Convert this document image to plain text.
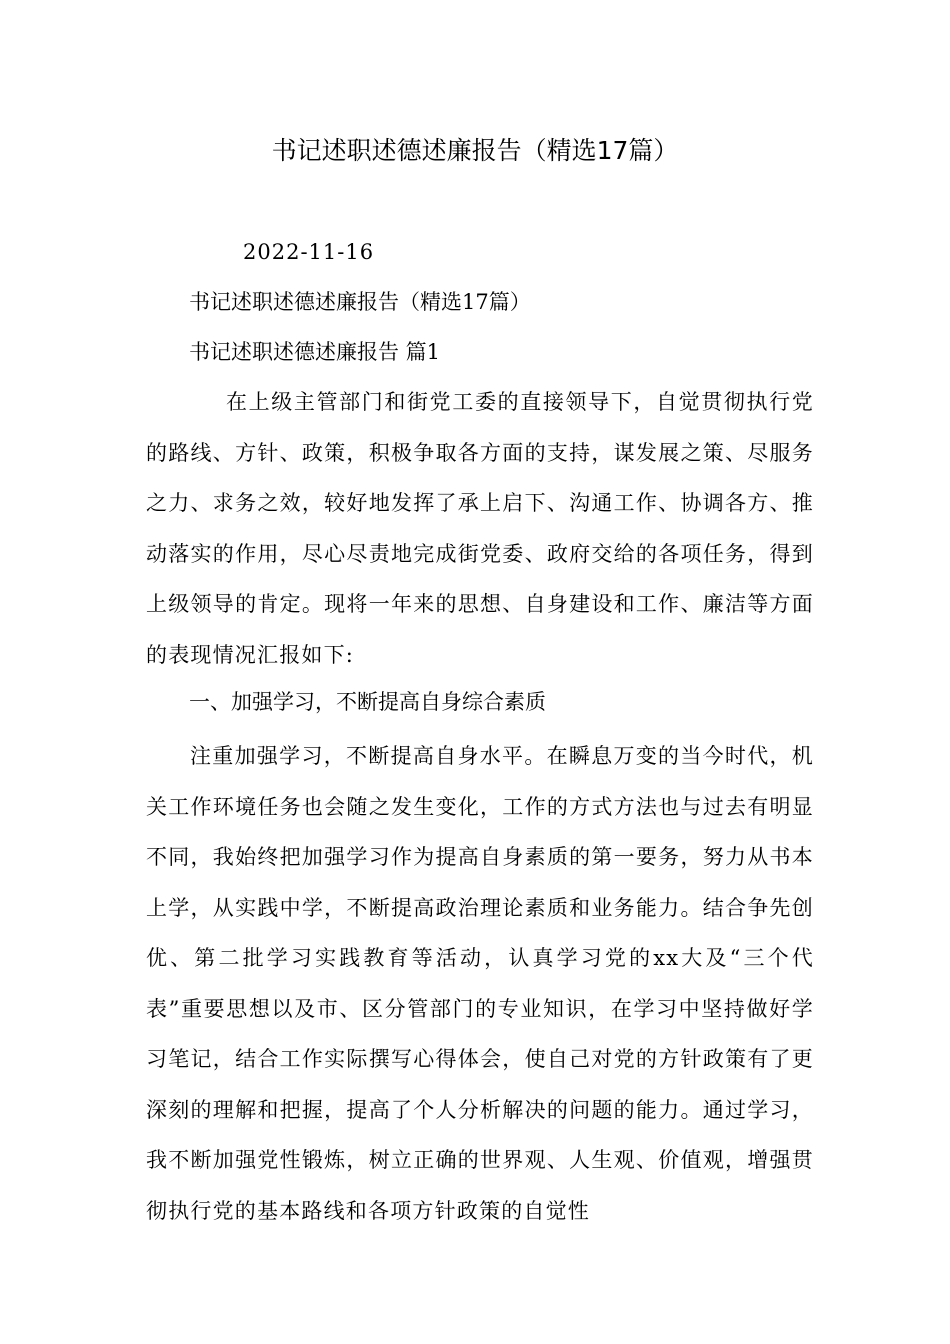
书记述职述德述廉报告（精选17篇）
2022-11-16
书记述职述德述廉报告（精选17篇）
书记述职述德述廉报告 篇1
在上级主管部门和街党工委的直接领导下，自觉贯彻执行党的路线、方针、政策，积极争取各方面的支持，谋发展之策、尽服务之力、求务之效，较好地发挥了承上启下、沟通工作、协调各方、推动落实的作用，尽心尽责地完成街党委、政府交给的各项任务，得到上级领导的肯定。现将一年来的思想、自身建设和工作、廉洁等方面的表现情况汇报如下:
一、加强学习，不断提高自身综合素质
注重加强学习，不断提高自身水平。在瞬息万变的当今时代，机关工作环境任务也会随之发生变化，工作的方式方法也与过去有明显不同，我始终把加强学习作为提高自身素质的第一要务，努力从书本上学，从实践中学，不断提高政治理论素质和业务能力。结合争先创优、第二批学习实践教育等活动，认真学习党的xx大及“三个代表”重要思想以及市、区分管部门的专业知识，在学习中坚持做好学习笔记，结合工作实际撰写心得体会，使自己对党的方针政策有了更深刻的理解和把握，提高了个人分析解决的问题的能力。通过学习，我不断加强党性锻炼，树立正确的世界观、人生观、价值观，增强贯彻执行党的基本路线和各项方针政策的自觉性
